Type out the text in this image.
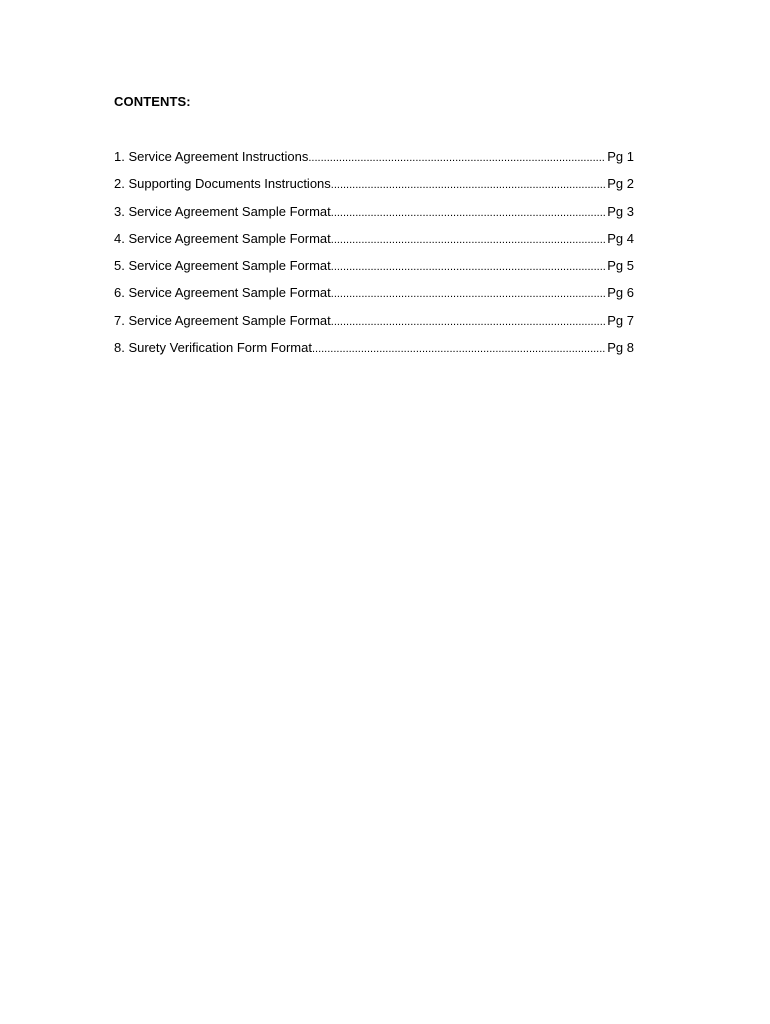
CONTENTS:
1. Service Agreement Instructions .....	Pg 1
2. Supporting Documents Instructions .....	Pg 2
3. Service Agreement Sample Format .....	Pg 3
4. Service Agreement Sample Format .....	Pg 4
5. Service Agreement Sample Format .....	Pg 5
6. Service Agreement Sample Format .....	Pg 6
7. Service Agreement Sample Format .....	Pg 7
8. Surety Verification Form Format .....	Pg 8
